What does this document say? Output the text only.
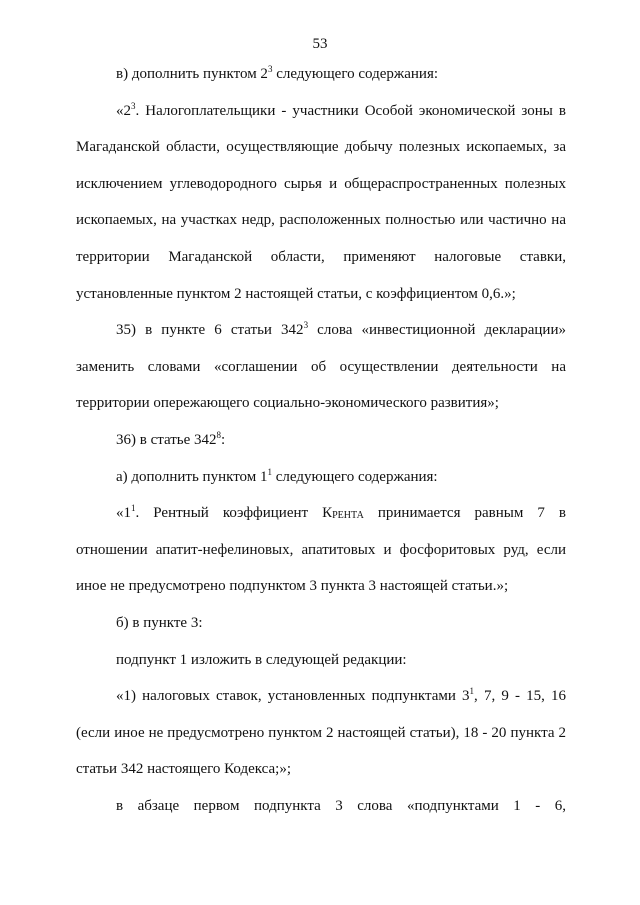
53

в) дополнить пунктом $2^3$ следующего содержания:

«$2^3$. Налогоплательщики - участники Особой экономической зоны в Магаданской области, осуществляющие добычу полезных ископаемых, за исключением углеводородного сырья и общераспространенных полезных ископаемых, на участках недр, расположенных полностью или частично на территории Магаданской области, применяют налоговые ставки, установленные пунктом 2 настоящей статьи, с коэффициентом 0,6.»;

35) в пункте 6 статьи $342^3$ слова «инвестиционной декларации» заменить словами «соглашении об осуществлении деятельности на территории опережающего социально-экономического развития»;

36) в статье $342^8$:

а) дополнить пунктом $1^1$ следующего содержания:

«$1^1$. Рентный коэффициент $К_{РЕНТА}$ принимается равным 7 в отношении апатит-нефелиновых, апатитовых и фосфоритовых руд, если иное не предусмотрено подпунктом 3 пункта 3 настоящей статьи.»;

б) в пункте 3:

подпункт 1 изложить в следующей редакции:

«1) налоговых ставок, установленных подпунктами $3^1$, 7, 9 - 15, 16 (если иное не предусмотрено пунктом 2 настоящей статьи), 18 - 20 пункта 2 статьи 342 настоящего Кодекса;»;

в абзаце первом подпункта 3 слова «подпунктами 1 - 6,
